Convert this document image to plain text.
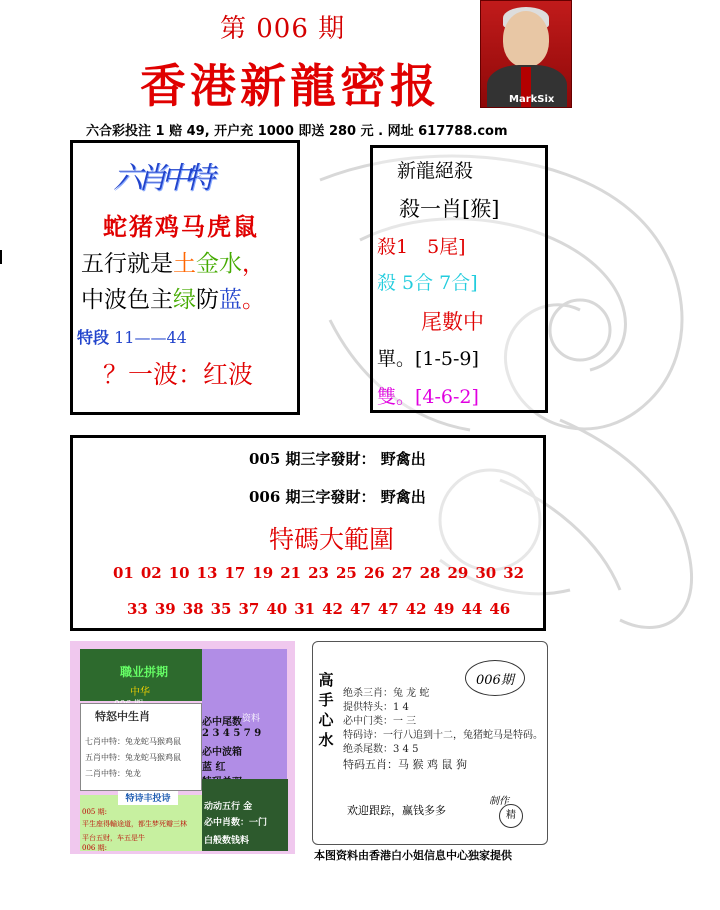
第 006 期
香港新龍密报	MarkSix
六合彩投注 1 赔 49, 开户充 1000 即送 280 元 . 网址 617788.com
六肖中特
蛇猪鸡马虎鼠
五行就是土金水，
中波色主绿防蓝。
特段 11——44
？一波：红波
新龍絕殺
殺一肖[猴]
殺1　5尾]
殺 5合 7合]
尾數中
單。[1-5-9]
雙。[4-6-2]
005 期三字發財： 野禽出
006 期三字發財： 野禽出
特碼大範圍
01 02 10 13 17 19 21 23 25 26 27 28 29 30 32
33 39 38 35 37 40 31 42 47 47 42 49 44 46
職业拼期
中华
资料
特怒中生肖
七肖中特：兔龙蛇马猴鸡鼠
五肖中特：兔龙蛇马猴鸡鼠
二肖中特：兔龙
必中尾数
2 3 4 5 7 9
必中波箱
蓝 红
特诗丰投诗
005 期:
平生座得輸途道，都生梦死瓣三林
平台五财，车五是牛
006 期:
动动五行 金
必中肖数：一门
白般数钱料
高
手
心
水
006期
绝杀三肖：兔 龙 蛇
提供特头：1 4
必中门类：一 三
特码诗：一行八追到十二，兔猪蛇马是特码。
绝杀尾数：3 4 5
特码五肖：马 猴 鸡 鼠 狗
欢迎跟踪，赢钱多多
制作
精
本图资料由香港白小姐信息中心独家提供
